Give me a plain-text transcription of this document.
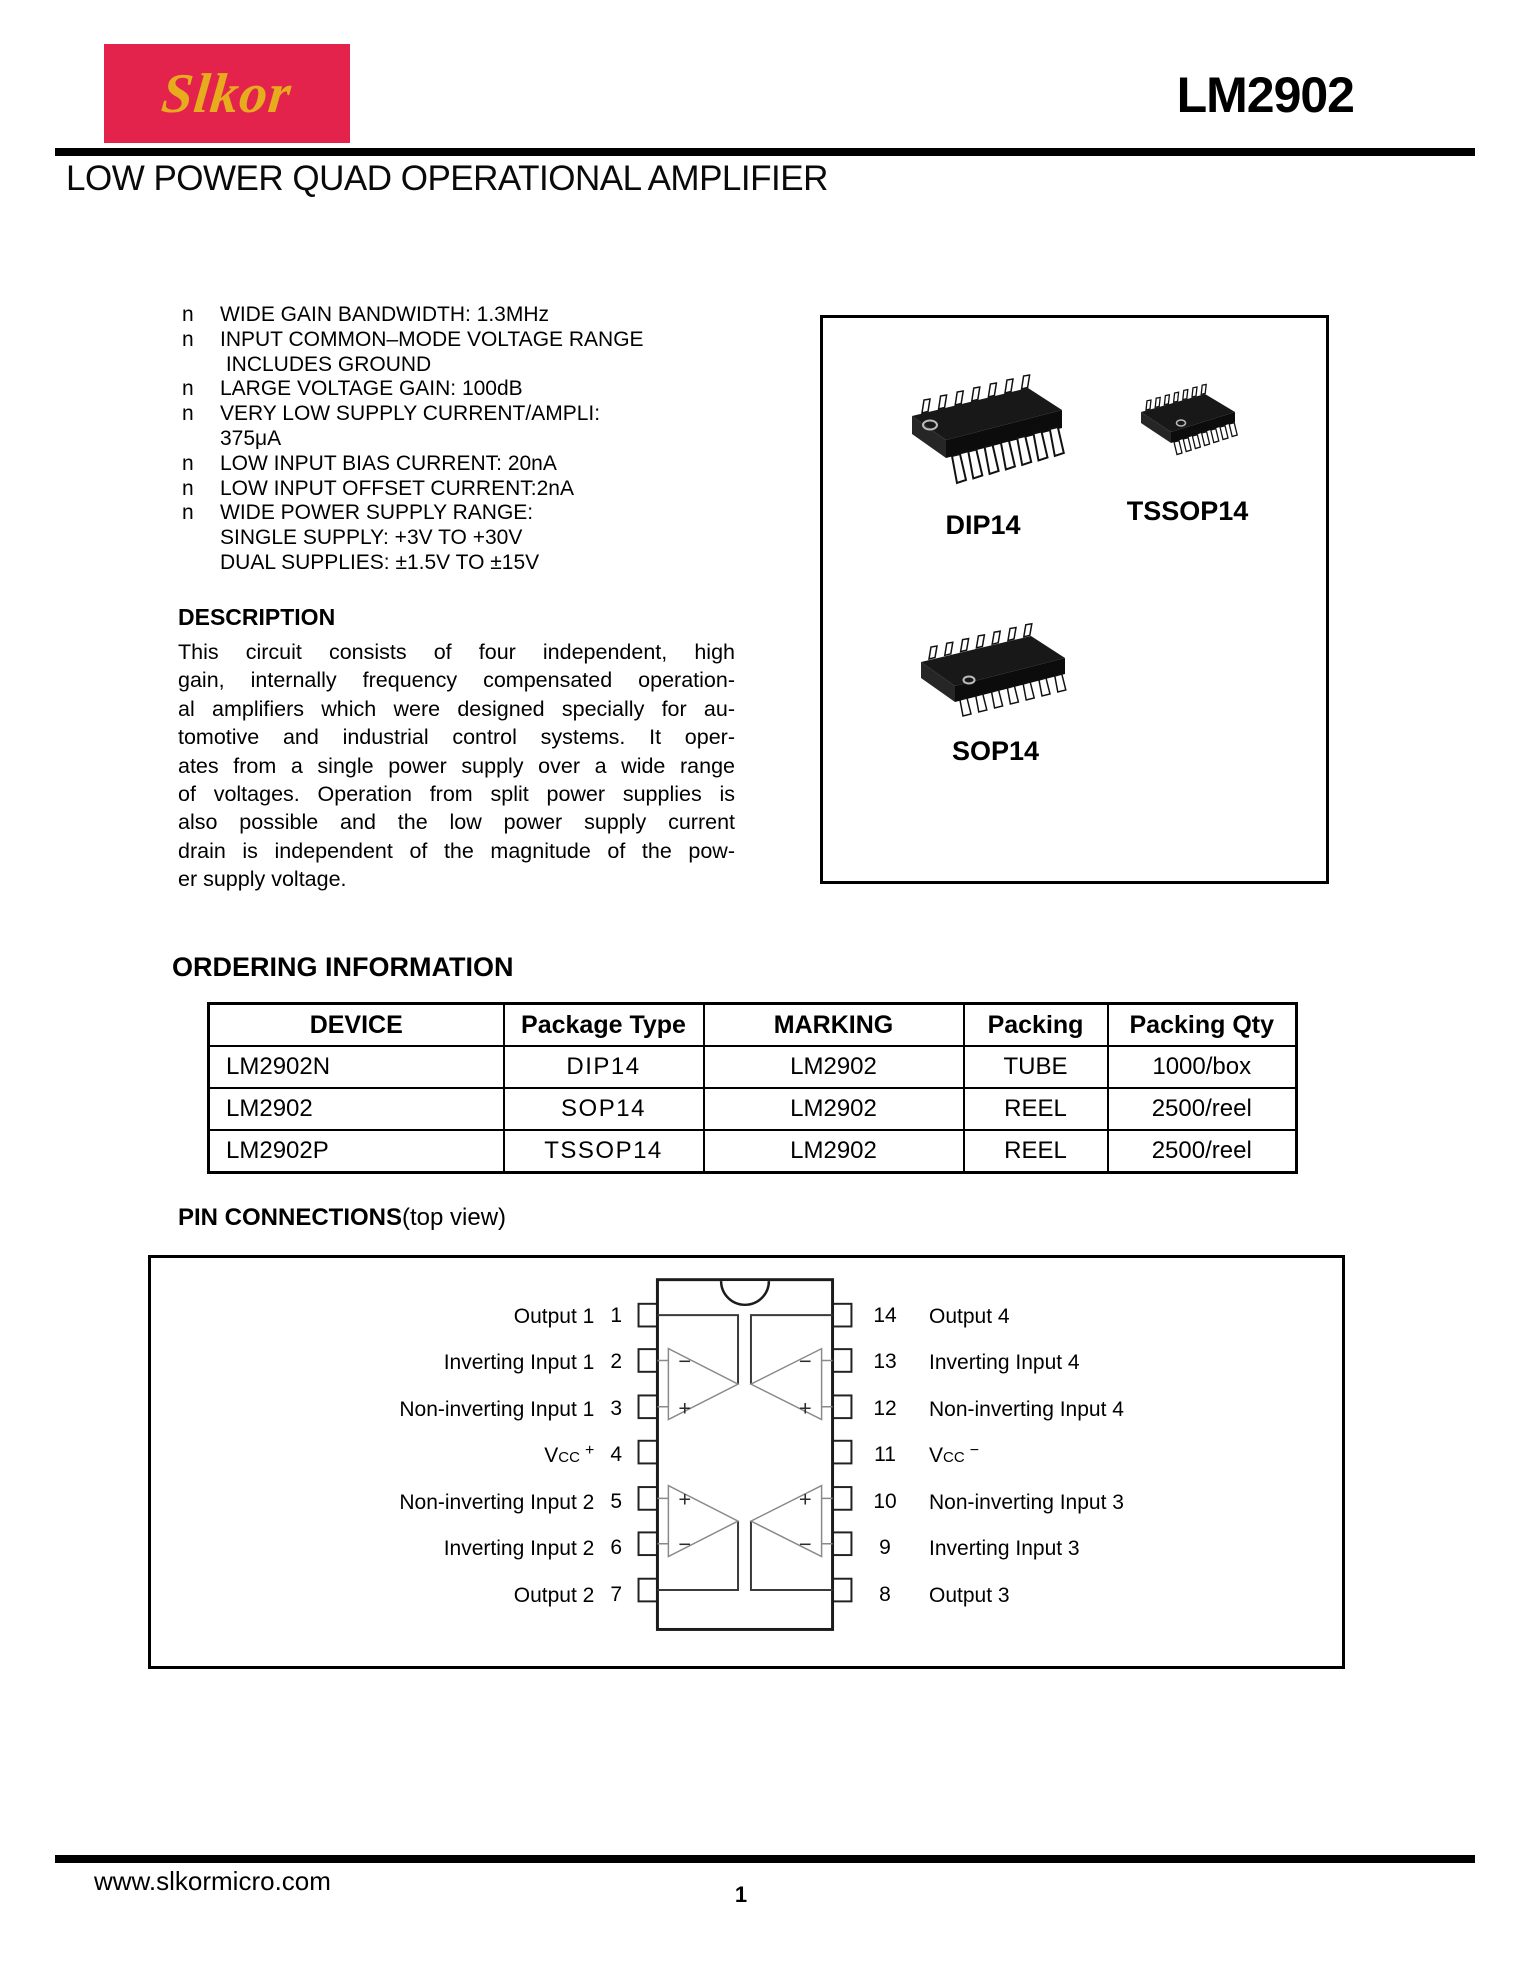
Slkor	LM2902
LOW POWER QUAD OPERATIONAL AMPLIFIER
n	WIDE GAIN BANDWIDTH: 1.3MHz
n	INPUT COMMON–MODE VOLTAGE RANGE
INCLUDES GROUND
n	LARGE VOLTAGE GAIN: 100dB
n	VERY LOW SUPPLY CURRENT/AMPLI:
375μA
n	LOW INPUT BIAS CURRENT: 20nA
n	LOW INPUT OFFSET CURRENT:2nA
n	WIDE POWER SUPPLY RANGE:
SINGLE SUPPLY: +3V TO +30V
DUAL SUPPLIES: ±1.5V TO ±15V
DIP14	TSSOP14
SOP14
DESCRIPTION
This circuit consists of four independent, high
gain, internally frequency compensated operation-
al amplifiers which were designed specially for au-
tomotive and industrial control systems. It oper-
ates from a single power supply over a wide range
of voltages. Operation from split power supplies is
also possible and the low power supply current
drain is independent of the magnitude of the pow-
er supply voltage.
ORDERING INFORMATION
DEVICE	Package Type	MARKING	Packing	Packing Qty
LM2902N	DIP14	LM2902	TUBE	1000/box
LM2902	SOP14	LM2902	REEL	2500/reel
LM2902P	TSSOP14	LM2902	REEL	2500/reel
PIN CONNECTIONS(top view)
−
+
+
−
−
+
+
−
Output 1 1
Inverting Input 1 2
Non-inverting Input 1 3
VCC + 4
Non-inverting Input 2 5
Inverting Input 2 6
Output 2 7
14	Output 4
13	Inverting Input 4
12	Non-inverting Input 4
11	VCC −
10	Non-inverting Input 3
9	Inverting Input 3
8	Output 3
www.slkormicro.com	1
